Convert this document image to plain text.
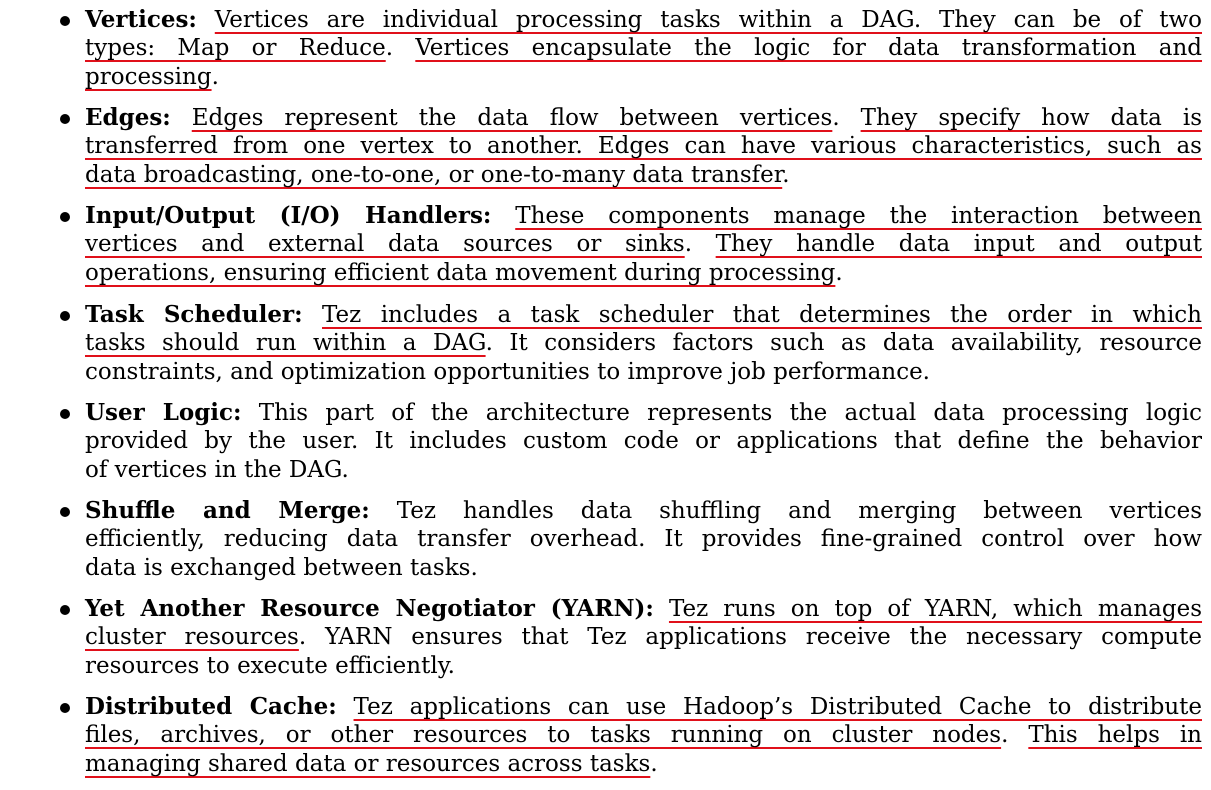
Vertices: Vertices are individual processing tasks within a DAG. They can be of two
types: Map or Reduce. Vertices encapsulate the logic for data transformation and
processing.
Edges: Edges represent the data flow between vertices. They specify how data is
transferred from one vertex to another. Edges can have various characteristics, such as
data broadcasting, one-to-one, or one-to-many data transfer.
Input/Output (I/O) Handlers: These components manage the interaction between
vertices and external data sources or sinks. They handle data input and output
operations, ensuring efficient data movement during processing.
Task Scheduler: Tez includes a task scheduler that determines the order in which
tasks should run within a DAG. It considers factors such as data availability, resource
constraints, and optimization opportunities to improve job performance.
User Logic: This part of the architecture represents the actual data processing logic
provided by the user. It includes custom code or applications that define the behavior
of vertices in the DAG.
Shuffle and Merge: Tez handles data shuffling and merging between vertices
efficiently, reducing data transfer overhead. It provides fine-grained control over how
data is exchanged between tasks.
Yet Another Resource Negotiator (YARN): Tez runs on top of YARN, which manages
cluster resources. YARN ensures that Tez applications receive the necessary compute
resources to execute efficiently.
Distributed Cache: Tez applications can use Hadoop’s Distributed Cache to distribute
files, archives, or other resources to tasks running on cluster nodes. This helps in
managing shared data or resources across tasks.
